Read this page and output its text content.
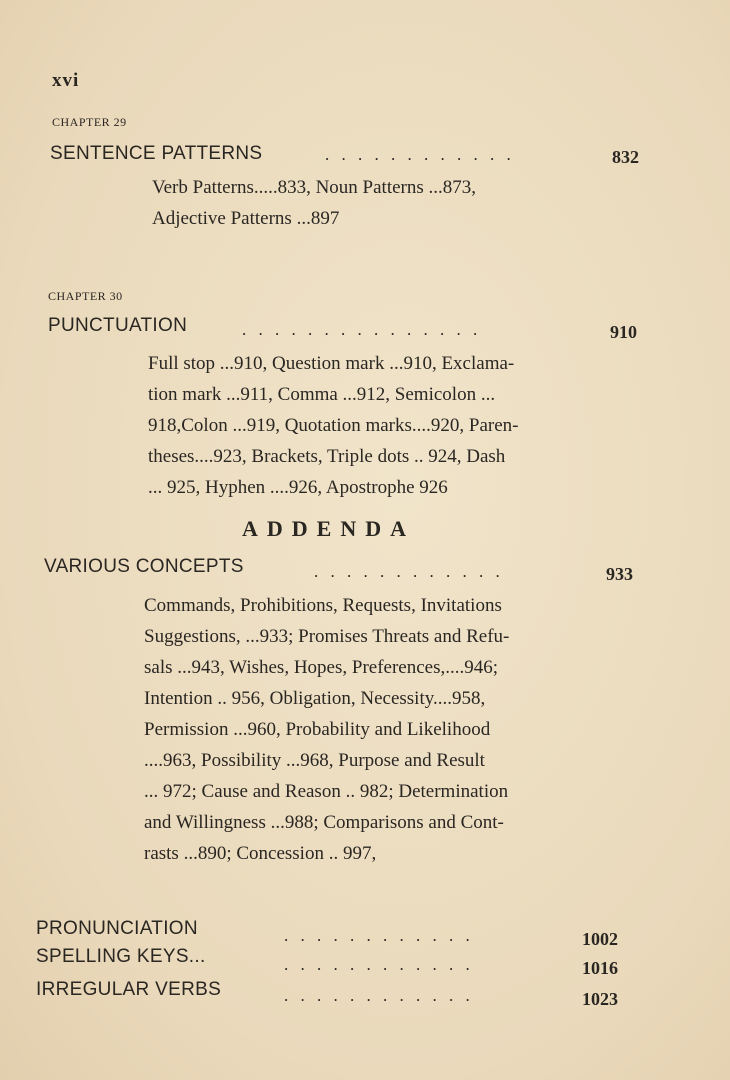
xvi
CHAPTER 29
SENTENCE PATTERNS	. . . . . . . . . . . .	832
Verb Patterns.....833, Noun Patterns ...873,
Adjective Patterns ...897
CHAPTER 30
PUNCTUATION	. . . . . . . . . . . . . . .	910
Full stop ...910, Question mark ...910, Exclama-
tion mark ...911, Comma ...912, Semicolon ...
918,Colon ...919, Quotation marks....920, Paren-
theses....923, Brackets, Triple dots .. 924, Dash
... 925, Hyphen ....926, Apostrophe 926
ADDENDA
VARIOUS CONCEPTS	. . . . . . . . . . . .	933
Commands, Prohibitions, Requests, Invitations
Suggestions, ...933; Promises Threats and Refu-
sals ...943, Wishes, Hopes, Preferences,....946;
Intention .. 956, Obligation, Necessity....958,
Permission ...960, Probability and Likelihood
....963, Possibility ...968, Purpose and Result
... 972; Cause and Reason .. 982; Determination
and Willingness ...988; Comparisons and Cont-
rasts ...890; Concession .. 997,
PRONUNCIATION	. . . . . . . . . . . .	1002
SPELLING KEYS...	. . . . . . . . . . . .	1016
IRREGULAR VERBS	. . . . . . . . . . . .	1023
